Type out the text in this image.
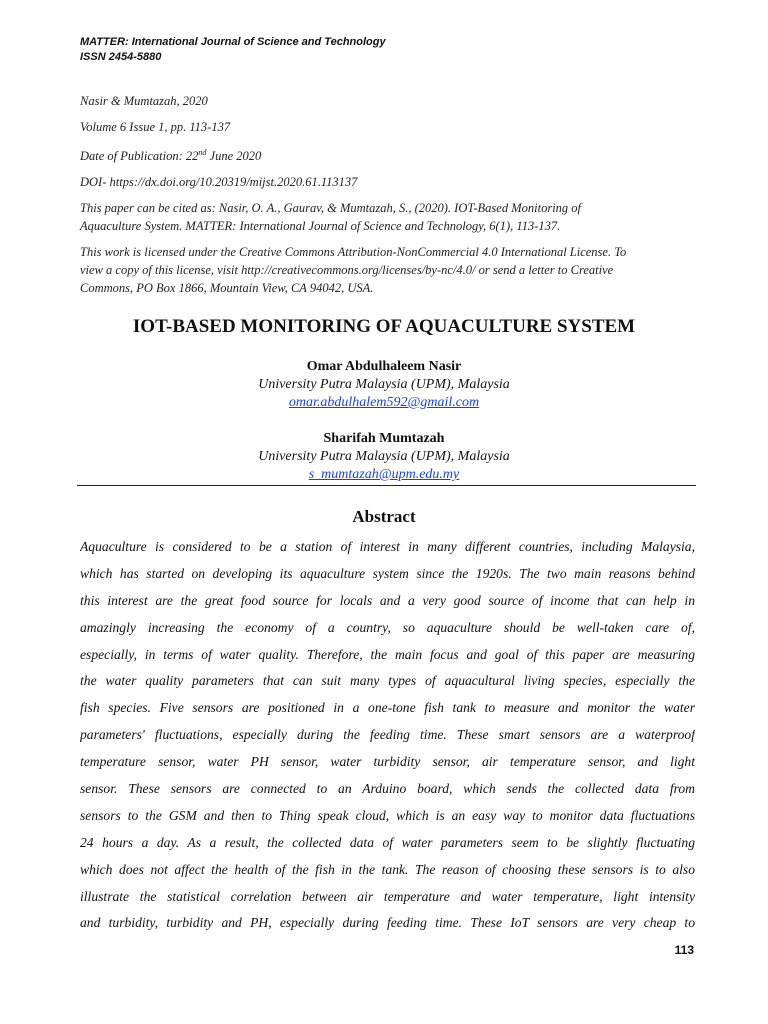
MATTER: International Journal of Science and Technology
ISSN 2454-5880
Nasir & Mumtazah, 2020
Volume 6 Issue 1, pp. 113-137
Date of Publication: 22nd June 2020
DOI- https://dx.doi.org/10.20319/mijst.2020.61.113137
This paper can be cited as: Nasir, O. A., Gaurav, & Mumtazah, S., (2020). IOT-Based Monitoring of
Aquaculture System. MATTER: International Journal of Science and Technology, 6(1), 113-137.
This work is licensed under the Creative Commons Attribution-NonCommercial 4.0 International License. To
view a copy of this license, visit http://creativecommons.org/licenses/by-nc/4.0/ or send a letter to Creative
Commons, PO Box 1866, Mountain View, CA 94042, USA.
IOT-BASED MONITORING OF AQUACULTURE SYSTEM
Omar Abdulhaleem Nasir
University Putra Malaysia (UPM), Malaysia
omar.abdulhalem592@gmail.com
Sharifah Mumtazah
University Putra Malaysia (UPM), Malaysia
s_mumtazah@upm.edu.my
Abstract
Aquaculture is considered to be a station of interest in many different countries, including Malaysia,
which has started on developing its aquaculture system since the 1920s. The two main reasons behind
this interest are the great food source for locals and a very good source of income that can help in
amazingly increasing the economy of a country, so aquaculture should be well-taken care of,
especially, in terms of water quality. Therefore, the main focus and goal of this paper are measuring
the water quality parameters that can suit many types of aquacultural living species, especially the
fish species. Five sensors are positioned in a one-tone fish tank to measure and monitor the water
parameters' fluctuations, especially during the feeding time. These smart sensors are a waterproof
temperature sensor, water PH sensor, water turbidity sensor, air temperature sensor, and light
sensor. These sensors are connected to an Arduino board, which sends the collected data from
sensors to the GSM and then to Thing speak cloud, which is an easy way to monitor data fluctuations
24 hours a day. As a result, the collected data of water parameters seem to be slightly fluctuating
which does not affect the health of the fish in the tank. The reason of choosing these sensors is to also
illustrate the statistical correlation between air temperature and water temperature, light intensity
and turbidity, turbidity and PH, especially during feeding time. These IoT sensors are very cheap to
113
